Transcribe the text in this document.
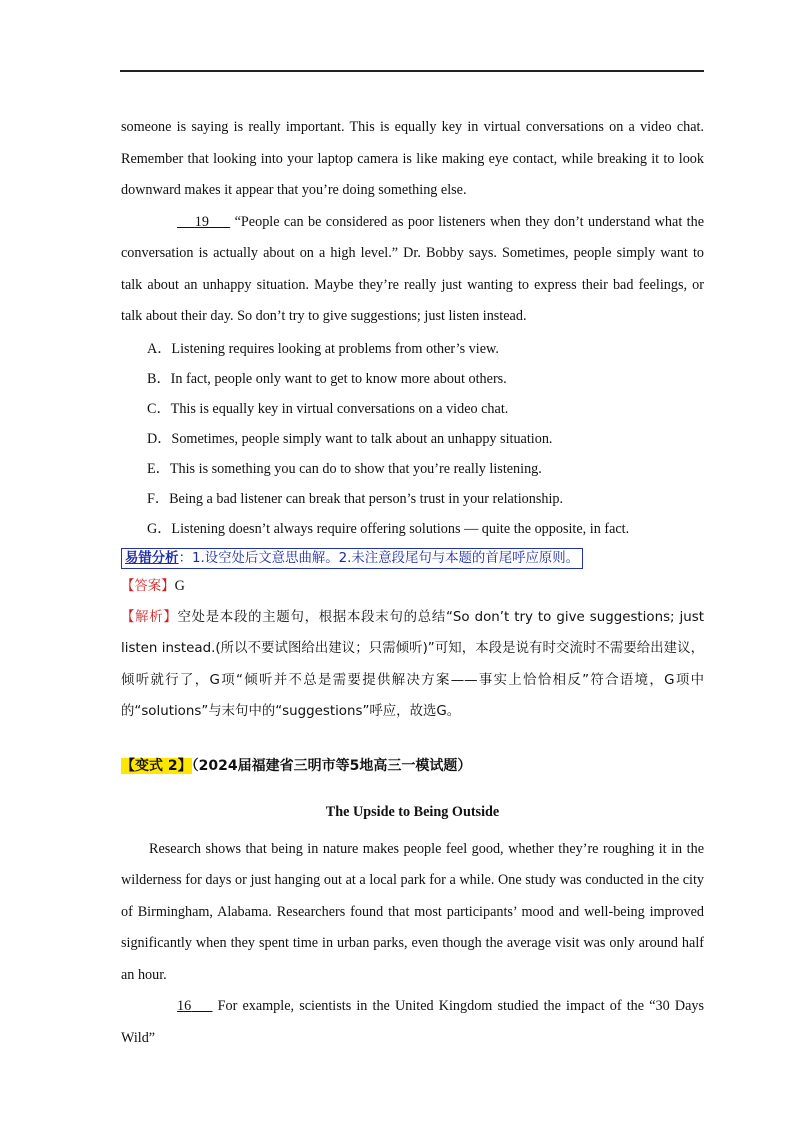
someone is saying is really important. This is equally key in virtual conversations on a video chat. Remember that looking into your laptop camera is like making eye contact, while breaking it to look downward makes it appear that you’re doing something else.

19 “People can be considered as poor listeners when they don’t understand what the conversation is actually about on a high level.” Dr. Bobby says. Sometimes, people simply want to talk about an unhappy situation. Maybe they’re really just wanting to express their bad feelings, or talk about their day. So don’t try to give suggestions; just listen instead.

A．Listening requires looking at problems from other’s view.

B．In fact, people only want to get to know more about others.

C．This is equally key in virtual conversations on a video chat.

D．Sometimes, people simply want to talk about an unhappy situation.

E．This is something you can do to show that you’re really listening.

F．Being a bad listener can break that person’s trust in your relationship.

G．Listening doesn’t always require offering solutions — quite the opposite, in fact.

易错分析：1.设空处后文意思曲解。2.未注意段尾句与本题的首尾呼应原则。

【答案】G

【解析】空处是本段的主题句，根据本段末句的总结“So don’t try to give suggestions; just listen instead.(所以不要试图给出建议；只需倾听)”可知，本段是说有时交流时不需要给出建议，倾听就行了，G项“倾听并不总是需要提供解决方案——事实上恰恰相反”符合语境，G项中的“solutions”与末句中的“suggestions”呼应，故选G。

【变式 2】（2024届福建省三明市等5地高三一模试题）
The Upside to Being Outside

Research shows that being in nature makes people feel good, whether they’re roughing it in the wilderness for days or just hanging out at a local park for a while. One study was conducted in the city of Birmingham, Alabama. Researchers found that most participants’ mood and well-being improved significantly when they spent time in urban parks, even though the average visit was only around half an hour.

16 For example, scientists in the United Kingdom studied the impact of the “30 Days Wild”
